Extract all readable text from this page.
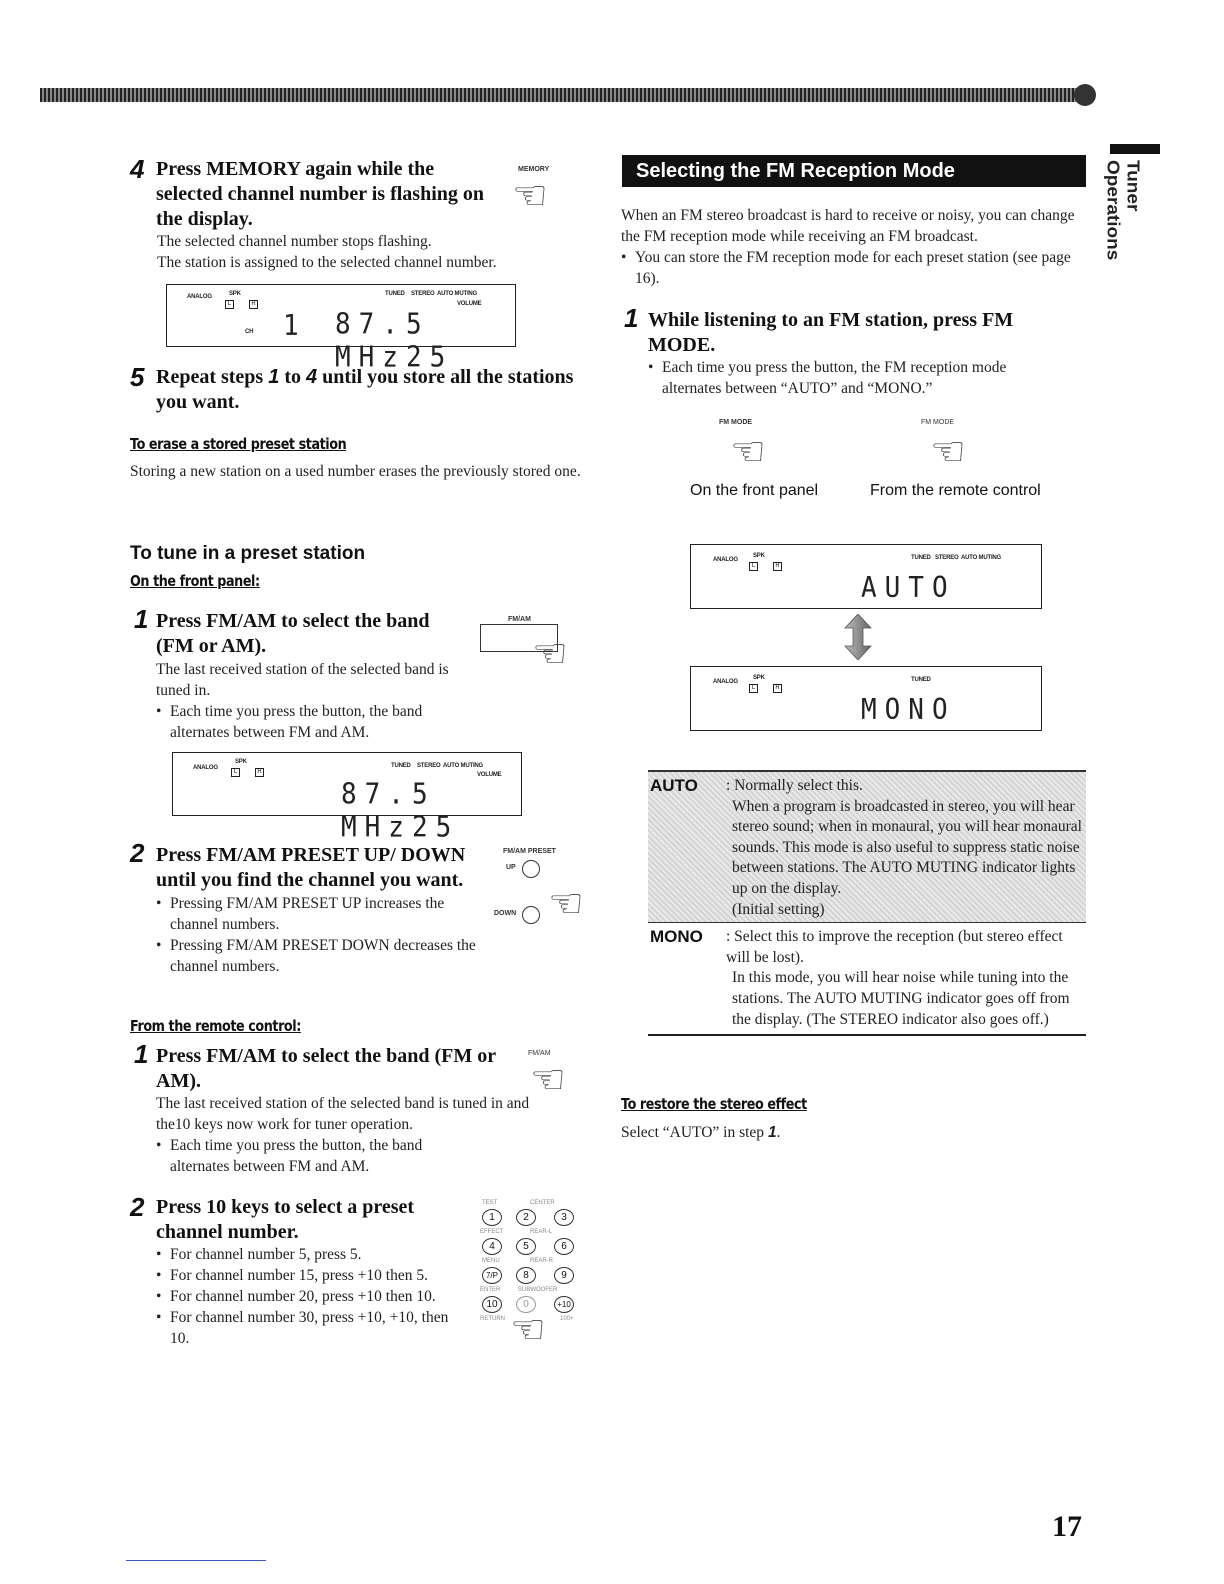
Tuner Operations
4 Press MEMORY again while the selected channel number is flashing on the display.
MEMORY
☜
The selected channel number stops flashing.
The station is assigned to the selected channel number.
ANALOG	SPK
L	R
TUNED STEREO AUTO MUTING
VOLUME
CH 1 87.5 MHz25
5 Repeat steps 1 to 4 until you store all the stations you want.
To erase a stored preset station
Storing a new station on a used number erases the previously stored one.
To tune in a preset station
On the front panel:
1 Press FM/AM to select the band (FM or AM).
FM/AM
☜
The last received station of the selected band is tuned in.
• Each time you press the button, the band alternates between FM and AM.
ANALOG
SPK
L	R
TUNED STEREO AUTO MUTING
VOLUME
87.5 MHz25
2 Press FM/AM PRESET UP/ DOWN until you find the channel you want.
FM/AM PRESET
UP
DOWN ☜
• Pressing FM/AM PRESET UP increases the channel numbers.
• Pressing FM/AM PRESET DOWN decreases the channel numbers.
From the remote control:
1 Press FM/AM to select the band (FM or AM).
FM/AM
☜
The last received station of the selected band is tuned in and the10 keys now work for tuner operation.
• Each time you press the button, the band alternates between FM and AM.
2 Press 10 keys to select a preset channel number.
• For channel number 5, press 5.
• For channel number 15, press +10 then 5.
• For channel number 20, press +10 then 10.
• For channel number 30, press +10, +10, then 10.
TEST	CENTER
1	2	3
EFFECT	REAR-L
4	5	6
MENU	REAR-R
7/P	8	9
ENTER	SUBWOOFER
10	0	+10
RETURN	100+
☜
Selecting the FM Reception Mode
When an FM stereo broadcast is hard to receive or noisy, you can change the FM reception mode while receiving an FM broadcast.
• You can store the FM reception mode for each preset station (see page 16).
1 While listening to an FM station, press FM MODE.
• Each time you press the button, the FM reception mode alternates between “AUTO” and “MONO.”
FM MODE
☜
FM MODE
☜
On the front panel	From the remote control
ANALOG
SPK
L	R
TUNED STEREO AUTO MUTING
AUTO
ANALOG
SPK
L	R
TUNED
MONO
AUTO	: Normally select this.
When a program is broadcasted in stereo, you will hear stereo sound; when in monaural, you will hear monaural sounds. This mode is also useful to suppress static noise between stations. The AUTO MUTING indicator lights up on the display.
(Initial setting)
MONO	: Select this to improve the reception (but stereo effect will be lost).
In this mode, you will hear noise while tuning into the stations. The AUTO MUTING indicator goes off from the display. (The STEREO indicator also goes off.)
To restore the stereo effect
Select “AUTO” in step 1.
17
